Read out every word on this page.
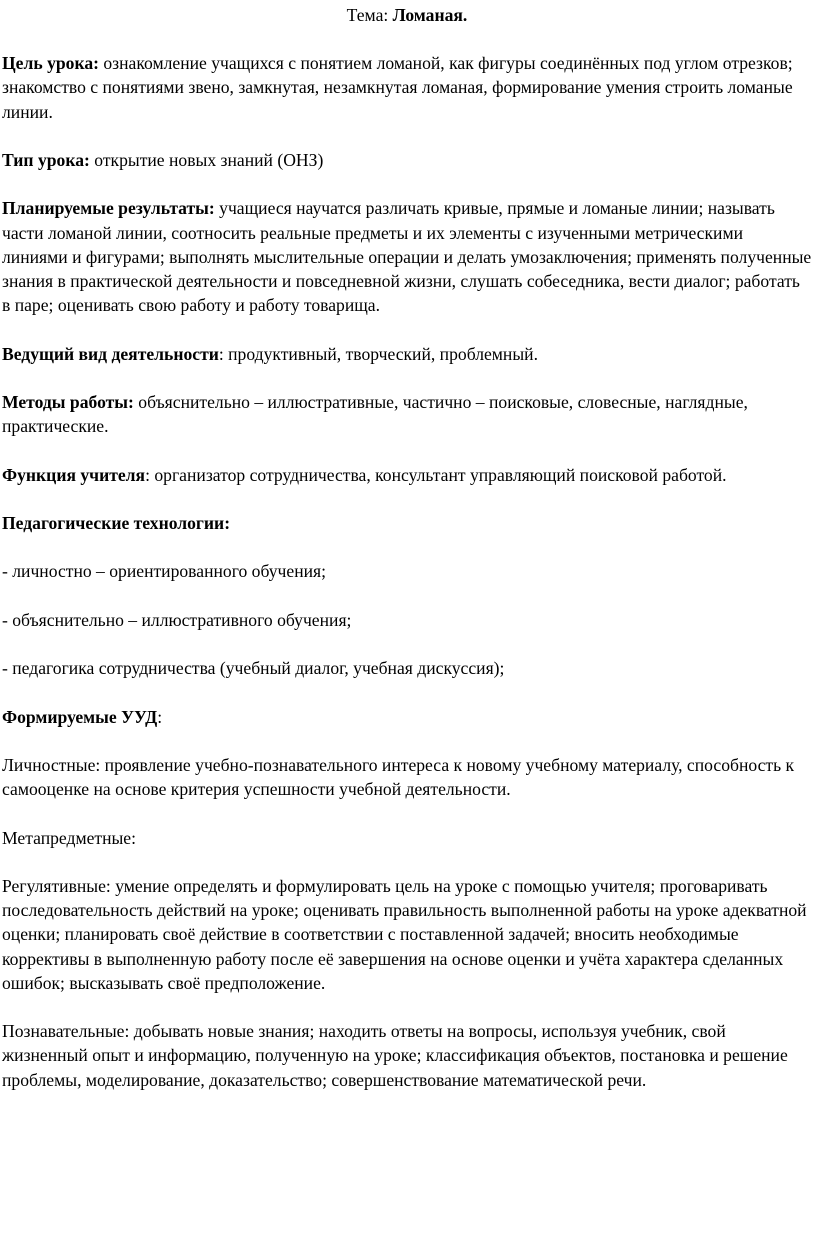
Тема: Ломаная.

Цель урока: ознакомление учащихся с понятием ломаной, как фигуры соединённых под углом отрезков; знакомство с понятиями звено, замкнутая, незамкнутая ломаная, формирование умения строить ломаные линии.

Тип урока: открытие новых знаний (ОНЗ)

Планируемые результаты: учащиеся научатся различать кривые, прямые и ломаные линии; называть части ломаной линии, соотносить реальные предметы и их элементы с изученными метрическими линиями и фигурами; выполнять мыслительные операции и делать умозаключения; применять полученные знания в практической деятельности и повседневной жизни, слушать собеседника, вести диалог; работать в паре; оценивать свою работу и работу товарища.

Ведущий вид деятельности: продуктивный, творческий, проблемный.

Методы работы: объяснительно – иллюстративные, частично – поисковые, словесные, наглядные, практические.

Функция учителя: организатор сотрудничества, консультант управляющий поисковой работой.

Педагогические технологии:

- личностно – ориентированного обучения;

- объяснительно – иллюстративного обучения;

- педагогика сотрудничества (учебный диалог, учебная дискуссия);

Формируемые УУД:

Личностные: проявление учебно-познавательного интереса к новому учебному материалу, способность к самооценке на основе критерия успешности учебной деятельности.

Метапредметные:

Регулятивные: умение определять и формулировать цель на уроке с помощью учителя; проговаривать последовательность действий на уроке; оценивать правильность выполненной работы на уроке адекватной оценки; планировать своё действие в соответствии с поставленной задачей; вносить необходимые коррективы в выполненную работу после её завершения на основе оценки и учёта характера сделанных ошибок; высказывать своё предположение.

Познавательные: добывать новые знания; находить ответы на вопросы, используя учебник, свой жизненный опыт и информацию, полученную на уроке; классификация объектов, постановка и решение проблемы, моделирование, доказательство; совершенствование математической речи.
